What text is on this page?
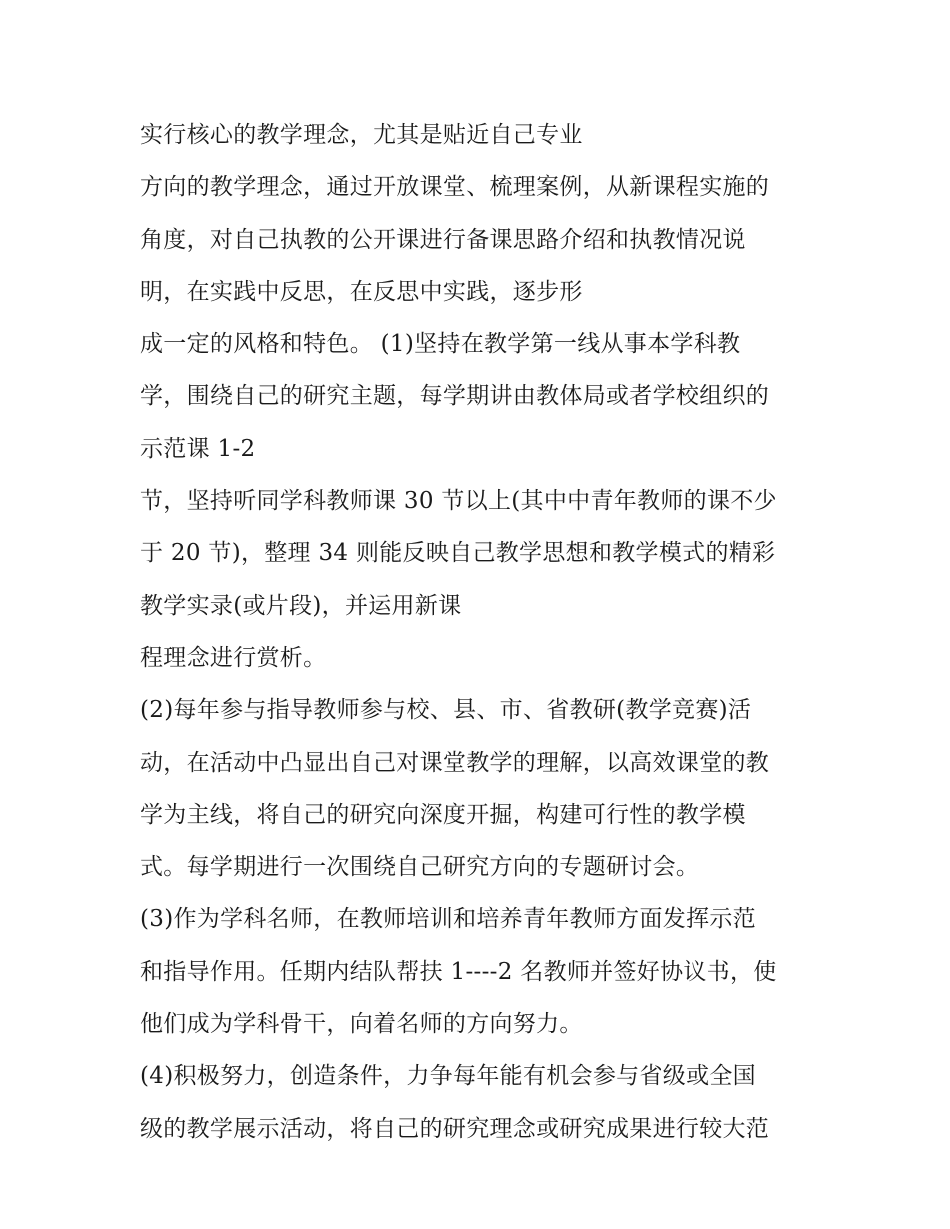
实行核心的教学理念，尤其是贴近自己专业
方向的教学理念，通过开放课堂、梳理案例，从新课程实施的
角度，对自己执教的公开课进行备课思路介绍和执教情况说
明，在实践中反思，在反思中实践，逐步形
成一定的风格和特色。 (1)坚持在教学第一线从事本学科教
学，围绕自己的研究主题，每学期讲由教体局或者学校组织的
示范课 1-2
节，坚持听同学科教师课 30 节以上(其中中青年教师的课不少
于 20 节)，整理 34 则能反映自己教学思想和教学模式的精彩
教学实录(或片段)，并运用新课
程理念进行赏析。
(2)每年参与指导教师参与校、县、市、省教研(教学竞赛)活
动，在活动中凸显出自己对课堂教学的理解，以高效课堂的教
学为主线，将自己的研究向深度开掘，构建可行性的教学模
式。每学期进行一次围绕自己研究方向的专题研讨会。
(3)作为学科名师，在教师培训和培养青年教师方面发挥示范
和指导作用。任期内结队帮扶 1----2 名教师并签好协议书，使
他们成为学科骨干，向着名师的方向努力。
(4)积极努力，创造条件，力争每年能有机会参与省级或全国
级的教学展示活动，将自己的研究理念或研究成果进行较大范
